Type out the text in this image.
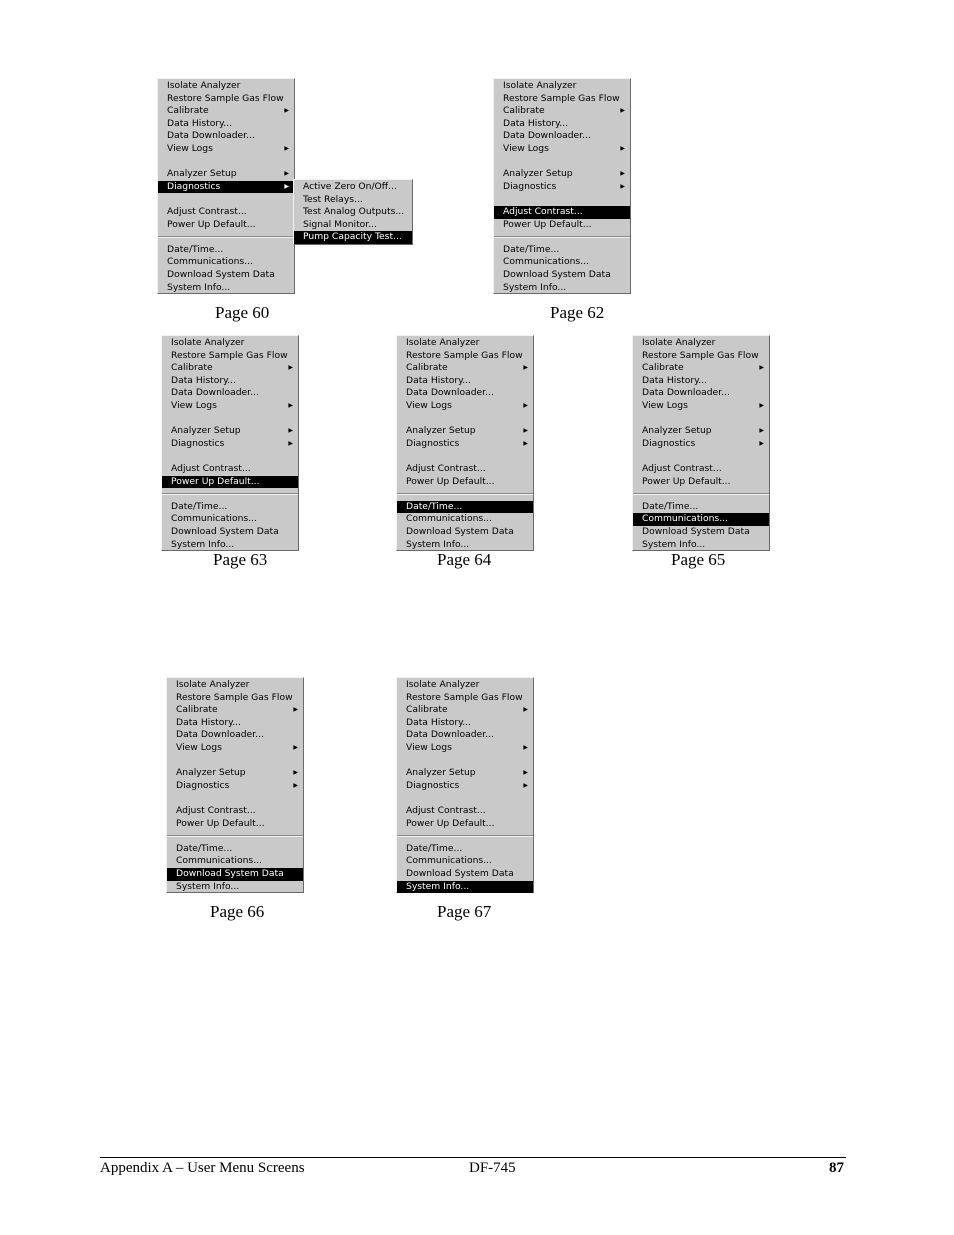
Isolate Analyzer
Restore Sample Gas Flow
Calibrate	▶
Data History...
Data Downloader...
View Logs	▶
Analyzer Setup	▶
Diagnostics	▶
Adjust Contrast...
Power Up Default...
Date/Time...
Communications...
Download System Data
System Info...
Active Zero On/Off...
Test Relays...
Test Analog Outputs...
Signal Monitor...
Pump Capacity Test...
Page 60
Isolate Analyzer
Restore Sample Gas Flow
Calibrate	▶
Data History...
Data Downloader...
View Logs	▶
Analyzer Setup	▶
Diagnostics	▶
Adjust Contrast...
Power Up Default...
Date/Time...
Communications...
Download System Data
System Info...
Page 62
Isolate Analyzer
Restore Sample Gas Flow
Calibrate	▶
Data History...
Data Downloader...
View Logs	▶
Analyzer Setup	▶
Diagnostics	▶
Adjust Contrast...
Power Up Default...
Date/Time...
Communications...
Download System Data
System Info...
Page 63
Isolate Analyzer
Restore Sample Gas Flow
Calibrate	▶
Data History...
Data Downloader...
View Logs	▶
Analyzer Setup	▶
Diagnostics	▶
Adjust Contrast...
Power Up Default...
Date/Time...
Communications...
Download System Data
System Info...
Page 64
Isolate Analyzer
Restore Sample Gas Flow
Calibrate	▶
Data History...
Data Downloader...
View Logs	▶
Analyzer Setup	▶
Diagnostics	▶
Adjust Contrast...
Power Up Default...
Date/Time...
Communications...
Download System Data
System Info...
Page 65
Isolate Analyzer
Restore Sample Gas Flow
Calibrate	▶
Data History...
Data Downloader...
View Logs	▶
Analyzer Setup	▶
Diagnostics	▶
Adjust Contrast...
Power Up Default...
Date/Time...
Communications...
Download System Data
System Info...
Page 66
Isolate Analyzer
Restore Sample Gas Flow
Calibrate	▶
Data History...
Data Downloader...
View Logs	▶
Analyzer Setup	▶
Diagnostics	▶
Adjust Contrast...
Power Up Default...
Date/Time...
Communications...
Download System Data
System Info...
Page 67
Appendix A – User Menu Screens	DF-745	87
